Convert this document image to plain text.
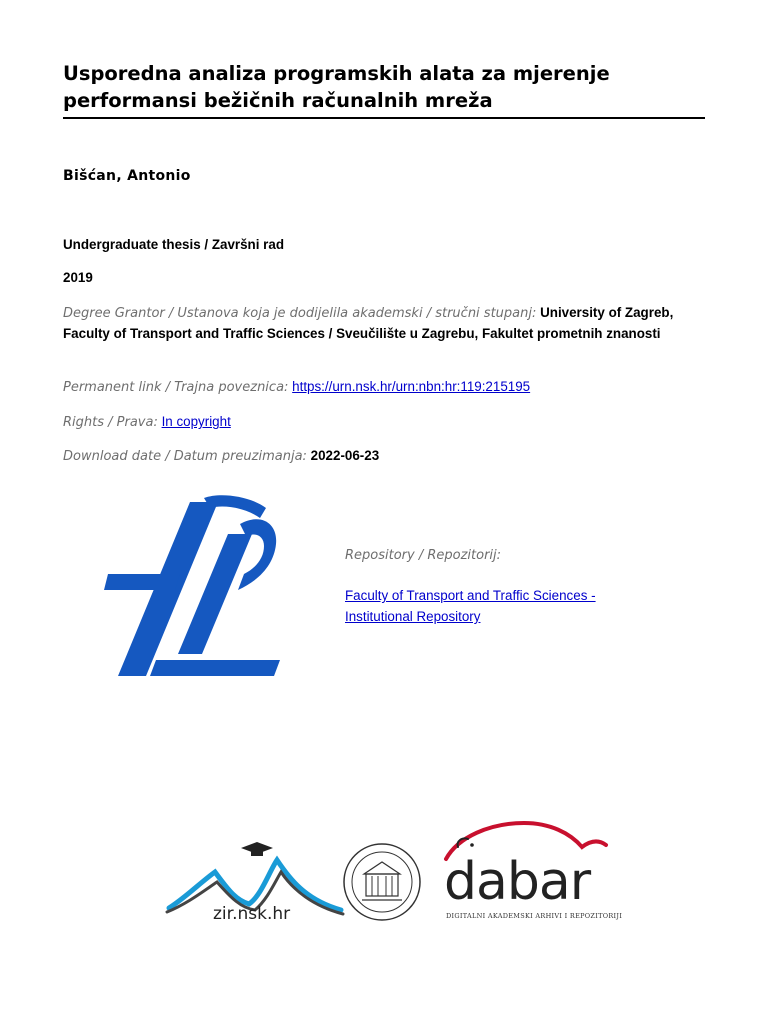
Usporedna analiza programskih alata za mjerenje performansi bežičnih računalnih mreža
Bišćan, Antonio
Undergraduate thesis / Završni rad
2019
Degree Grantor / Ustanova koja je dodijelila akademski / stručni stupanj: University of Zagreb, Faculty of Transport and Traffic Sciences / Sveučilište u Zagrebu, Fakultet prometnih znanosti
Permanent link / Trajna poveznica: https://urn.nsk.hr/urn:nbn:hr:119:215195
Rights / Prava: In copyright
Download date / Datum preuzimanja: 2022-06-23
Repository / Repozitorij:
Faculty of Transport and Traffic Sciences - Institutional Repository
zir.nsk.hr
dabar
DIGITALNI AKADEMSKI ARHIVI I REPOZITORIJI
